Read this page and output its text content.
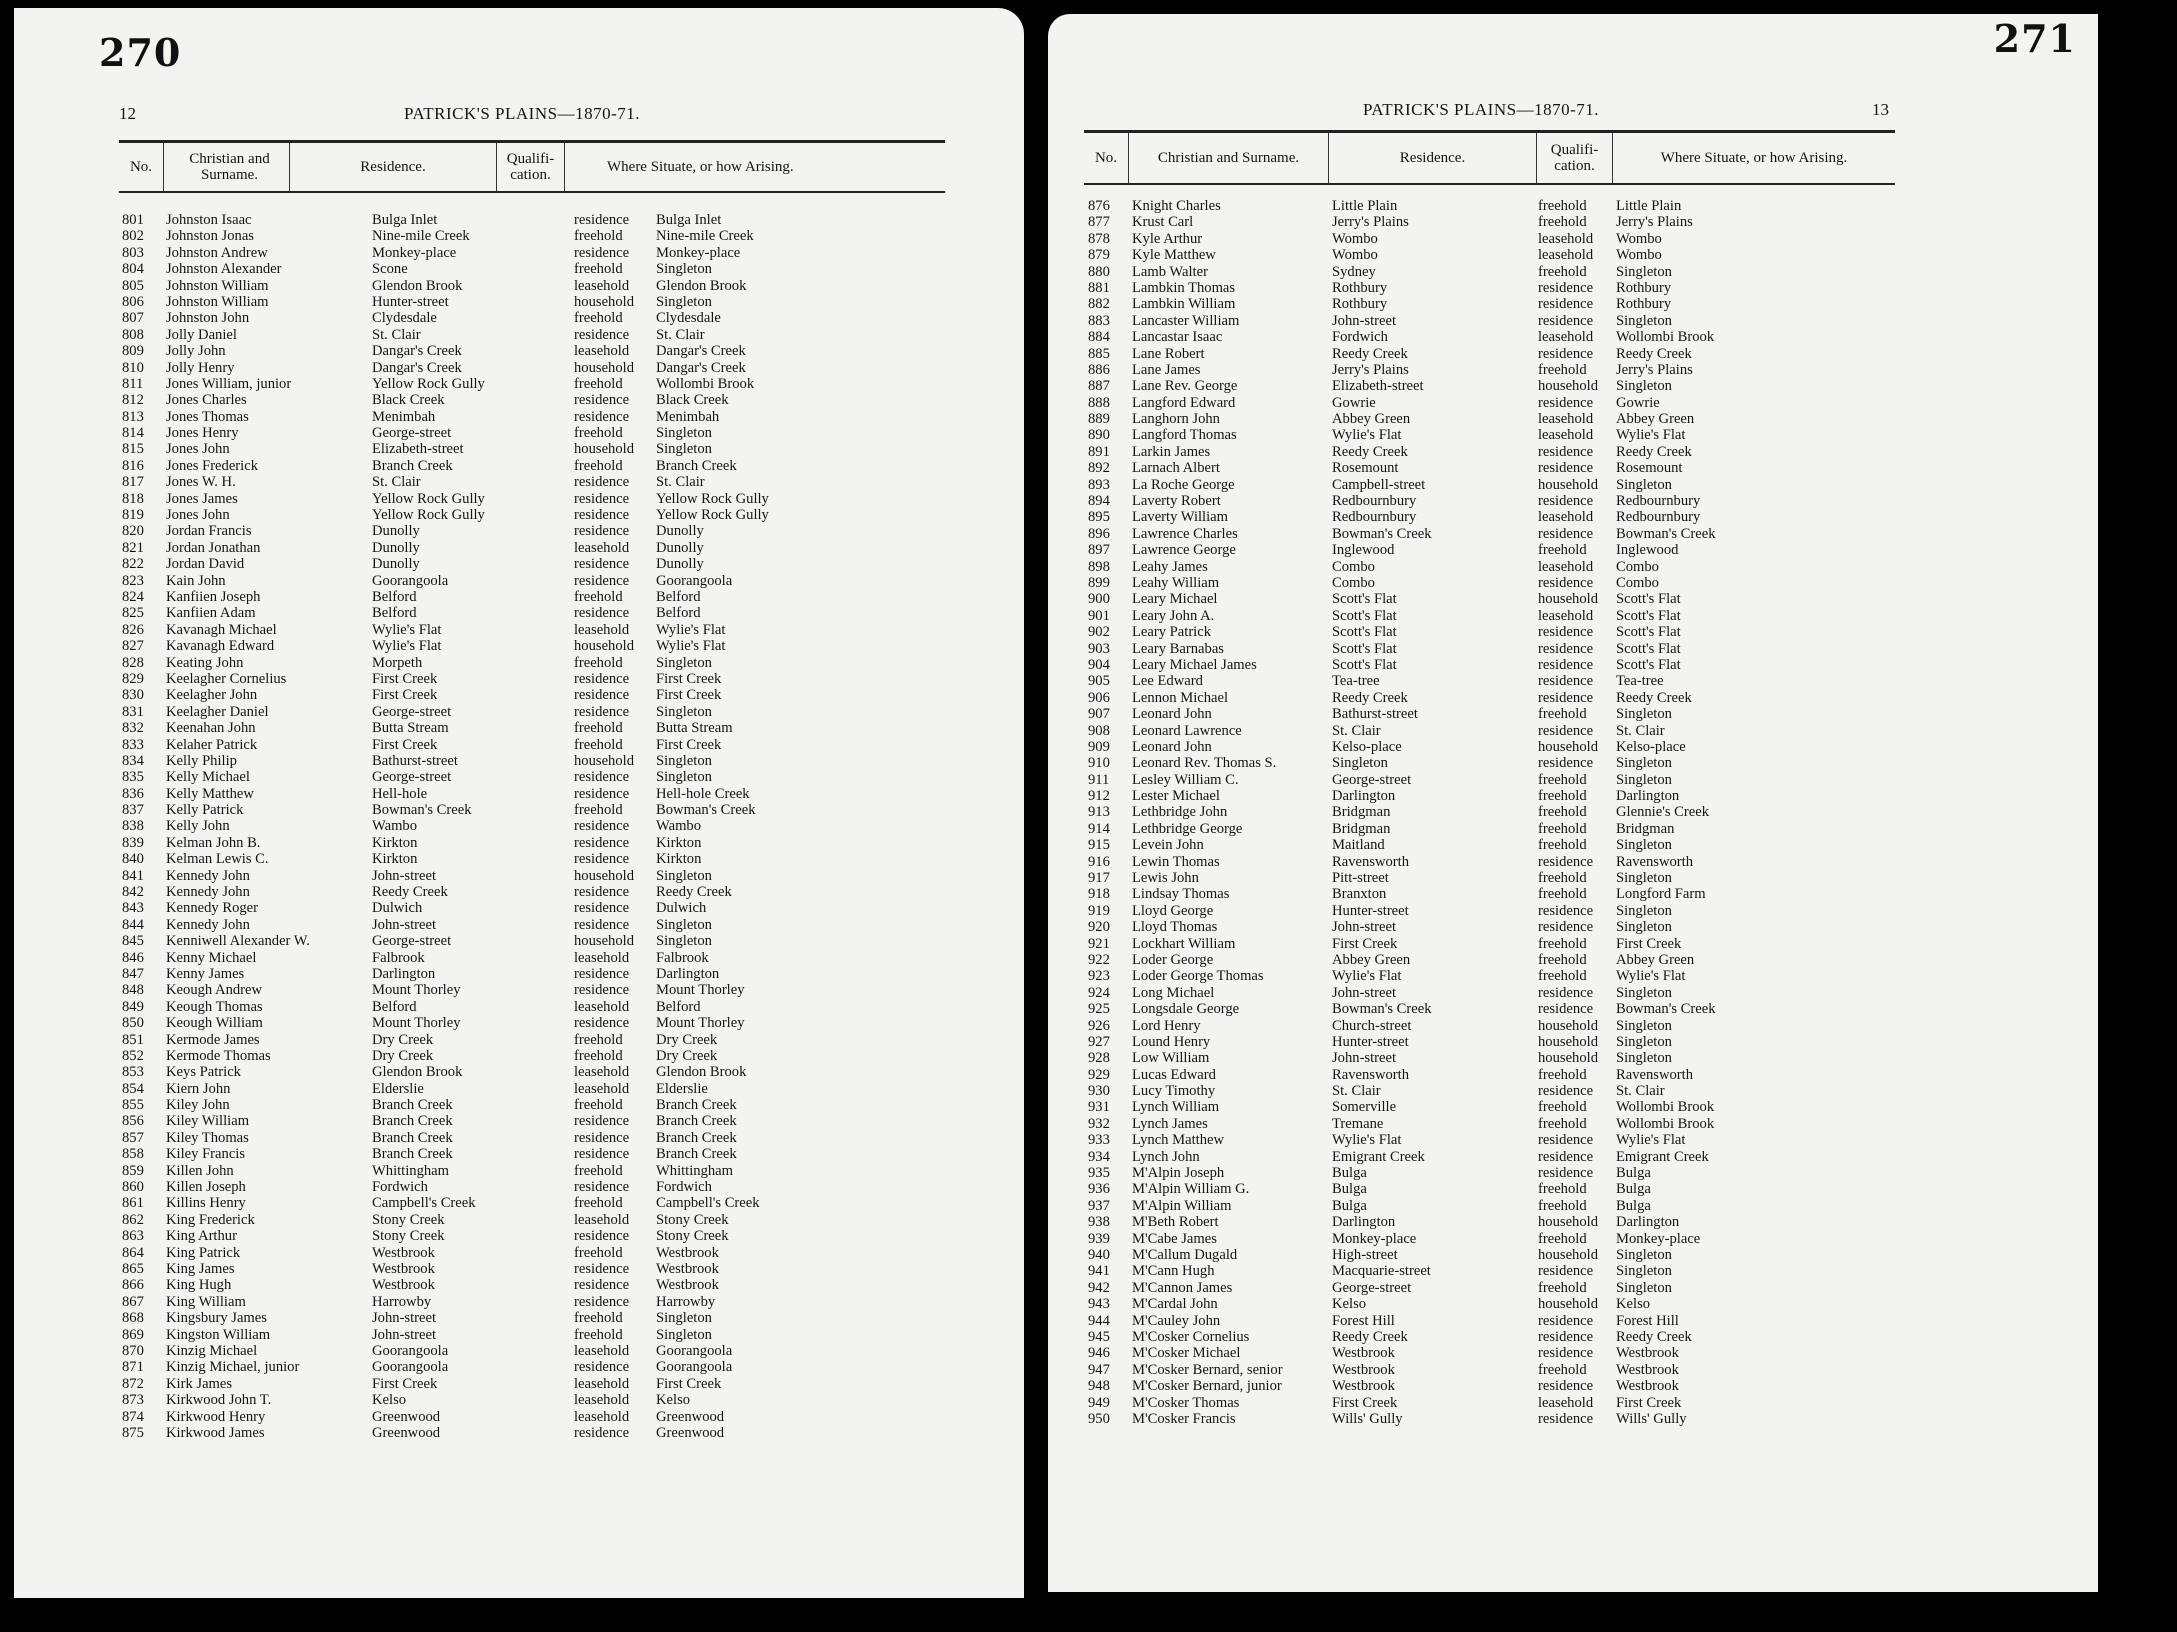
270
12	PATRICK'S PLAINS—1870-71.
No.	Christian and Surname.	Residence.	Qualifi-cation.	Where Situate, or how Arising.
801	Johnston Isaac	Bulga Inlet	residence	Bulga Inlet
802	Johnston Jonas	Nine-mile Creek	freehold	Nine-mile Creek
803	Johnston Andrew	Monkey-place	residence	Monkey-place
804	Johnston Alexander	Scone	freehold	Singleton
805	Johnston William	Glendon Brook	leasehold	Glendon Brook
806	Johnston William	Hunter-street	household	Singleton
807	Johnston John	Clydesdale	freehold	Clydesdale
808	Jolly Daniel	St. Clair	residence	St. Clair
809	Jolly John	Dangar's Creek	leasehold	Dangar's Creek
810	Jolly Henry	Dangar's Creek	household	Dangar's Creek
811	Jones William, junior	Yellow Rock Gully	freehold	Wollombi Brook
812	Jones Charles	Black Creek	residence	Black Creek
813	Jones Thomas	Menimbah	residence	Menimbah
814	Jones Henry	George-street	freehold	Singleton
815	Jones John	Elizabeth-street	household	Singleton
816	Jones Frederick	Branch Creek	freehold	Branch Creek
817	Jones W. H.	St. Clair	residence	St. Clair
818	Jones James	Yellow Rock Gully	residence	Yellow Rock Gully
819	Jones John	Yellow Rock Gully	residence	Yellow Rock Gully
820	Jordan Francis	Dunolly	residence	Dunolly
821	Jordan Jonathan	Dunolly	leasehold	Dunolly
822	Jordan David	Dunolly	residence	Dunolly
823	Kain John	Goorangoola	residence	Goorangoola
824	Kanfiien Joseph	Belford	freehold	Belford
825	Kanfiien Adam	Belford	residence	Belford
826	Kavanagh Michael	Wylie's Flat	leasehold	Wylie's Flat
827	Kavanagh Edward	Wylie's Flat	household	Wylie's Flat
828	Keating John	Morpeth	freehold	Singleton
829	Keelagher Cornelius	First Creek	residence	First Creek
830	Keelagher John	First Creek	residence	First Creek
831	Keelagher Daniel	George-street	residence	Singleton
832	Keenahan John	Butta Stream	freehold	Butta Stream
833	Kelaher Patrick	First Creek	freehold	First Creek
834	Kelly Philip	Bathurst-street	household	Singleton
835	Kelly Michael	George-street	residence	Singleton
836	Kelly Matthew	Hell-hole	residence	Hell-hole Creek
837	Kelly Patrick	Bowman's Creek	freehold	Bowman's Creek
838	Kelly John	Wambo	residence	Wambo
839	Kelman John B.	Kirkton	residence	Kirkton
840	Kelman Lewis C.	Kirkton	residence	Kirkton
841	Kennedy John	John-street	household	Singleton
842	Kennedy John	Reedy Creek	residence	Reedy Creek
843	Kennedy Roger	Dulwich	residence	Dulwich
844	Kennedy John	John-street	residence	Singleton
845	Kenniwell Alexander W.	George-street	household	Singleton
846	Kenny Michael	Falbrook	leasehold	Falbrook
847	Kenny James	Darlington	residence	Darlington
848	Keough Andrew	Mount Thorley	residence	Mount Thorley
849	Keough Thomas	Belford	leasehold	Belford
850	Keough William	Mount Thorley	residence	Mount Thorley
851	Kermode James	Dry Creek	freehold	Dry Creek
852	Kermode Thomas	Dry Creek	freehold	Dry Creek
853	Keys Patrick	Glendon Brook	leasehold	Glendon Brook
854	Kiern John	Elderslie	leasehold	Elderslie
855	Kiley John	Branch Creek	freehold	Branch Creek
856	Kiley William	Branch Creek	residence	Branch Creek
857	Kiley Thomas	Branch Creek	residence	Branch Creek
858	Kiley Francis	Branch Creek	residence	Branch Creek
859	Killen John	Whittingham	freehold	Whittingham
860	Killen Joseph	Fordwich	residence	Fordwich
861	Killins Henry	Campbell's Creek	freehold	Campbell's Creek
862	King Frederick	Stony Creek	leasehold	Stony Creek
863	King Arthur	Stony Creek	residence	Stony Creek
864	King Patrick	Westbrook	freehold	Westbrook
865	King James	Westbrook	residence	Westbrook
866	King Hugh	Westbrook	residence	Westbrook
867	King William	Harrowby	residence	Harrowby
868	Kingsbury James	John-street	freehold	Singleton
869	Kingston William	John-street	freehold	Singleton
870	Kinzig Michael	Goorangoola	leasehold	Goorangoola
871	Kinzig Michael, junior	Goorangoola	residence	Goorangoola
872	Kirk James	First Creek	leasehold	First Creek
873	Kirkwood John T.	Kelso	leasehold	Kelso
874	Kirkwood Henry	Greenwood	leasehold	Greenwood
875	Kirkwood James	Greenwood	residence	Greenwood
271
13
PATRICK'S PLAINS—1870-71.
No.	Christian and Surname.	Residence.	Qualifi-cation.	Where Situate, or how Arising.
876	Knight Charles	Little Plain	freehold	Little Plain
877	Krust Carl	Jerry's Plains	freehold	Jerry's Plains
878	Kyle Arthur	Wombo	leasehold	Wombo
879	Kyle Matthew	Wombo	leasehold	Wombo
880	Lamb Walter	Sydney	freehold	Singleton
881	Lambkin Thomas	Rothbury	residence	Rothbury
882	Lambkin William	Rothbury	residence	Rothbury
883	Lancaster William	John-street	residence	Singleton
884	Lancastar Isaac	Fordwich	leasehold	Wollombi Brook
885	Lane Robert	Reedy Creek	residence	Reedy Creek
886	Lane James	Jerry's Plains	freehold	Jerry's Plains
887	Lane Rev. George	Elizabeth-street	household	Singleton
888	Langford Edward	Gowrie	residence	Gowrie
889	Langhorn John	Abbey Green	leasehold	Abbey Green
890	Langford Thomas	Wylie's Flat	leasehold	Wylie's Flat
891	Larkin James	Reedy Creek	residence	Reedy Creek
892	Larnach Albert	Rosemount	residence	Rosemount
893	La Roche George	Campbell-street	household	Singleton
894	Laverty Robert	Redbournbury	residence	Redbournbury
895	Laverty William	Redbournbury	leasehold	Redbournbury
896	Lawrence Charles	Bowman's Creek	residence	Bowman's Creek
897	Lawrence George	Inglewood	freehold	Inglewood
898	Leahy James	Combo	leasehold	Combo
899	Leahy William	Combo	residence	Combo
900	Leary Michael	Scott's Flat	household	Scott's Flat
901	Leary John A.	Scott's Flat	leasehold	Scott's Flat
902	Leary Patrick	Scott's Flat	residence	Scott's Flat
903	Leary Barnabas	Scott's Flat	residence	Scott's Flat
904	Leary Michael James	Scott's Flat	residence	Scott's Flat
905	Lee Edward	Tea-tree	residence	Tea-tree
906	Lennon Michael	Reedy Creek	residence	Reedy Creek
907	Leonard John	Bathurst-street	freehold	Singleton
908	Leonard Lawrence	St. Clair	residence	St. Clair
909	Leonard John	Kelso-place	household	Kelso-place
910	Leonard Rev. Thomas S.	Singleton	residence	Singleton
911	Lesley William C.	George-street	freehold	Singleton
912	Lester Michael	Darlington	freehold	Darlington
913	Lethbridge John	Bridgman	freehold	Glennie's Creek
914	Lethbridge George	Bridgman	freehold	Bridgman
915	Levein John	Maitland	freehold	Singleton
916	Lewin Thomas	Ravensworth	residence	Ravensworth
917	Lewis John	Pitt-street	freehold	Singleton
918	Lindsay Thomas	Branxton	freehold	Longford Farm
919	Lloyd George	Hunter-street	residence	Singleton
920	Lloyd Thomas	John-street	residence	Singleton
921	Lockhart William	First Creek	freehold	First Creek
922	Loder George	Abbey Green	freehold	Abbey Green
923	Loder George Thomas	Wylie's Flat	freehold	Wylie's Flat
924	Long Michael	John-street	residence	Singleton
925	Longsdale George	Bowman's Creek	residence	Bowman's Creek
926	Lord Henry	Church-street	household	Singleton
927	Lound Henry	Hunter-street	household	Singleton
928	Low William	John-street	household	Singleton
929	Lucas Edward	Ravensworth	freehold	Ravensworth
930	Lucy Timothy	St. Clair	residence	St. Clair
931	Lynch William	Somerville	freehold	Wollombi Brook
932	Lynch James	Tremane	freehold	Wollombi Brook
933	Lynch Matthew	Wylie's Flat	residence	Wylie's Flat
934	Lynch John	Emigrant Creek	residence	Emigrant Creek
935	M'Alpin Joseph	Bulga	residence	Bulga
936	M'Alpin William G.	Bulga	freehold	Bulga
937	M'Alpin William	Bulga	freehold	Bulga
938	M'Beth Robert	Darlington	household	Darlington
939	M'Cabe James	Monkey-place	freehold	Monkey-place
940	M'Callum Dugald	High-street	household	Singleton
941	M'Cann Hugh	Macquarie-street	residence	Singleton
942	M'Cannon James	George-street	freehold	Singleton
943	M'Cardal John	Kelso	household	Kelso
944	M'Cauley John	Forest Hill	residence	Forest Hill
945	M'Cosker Cornelius	Reedy Creek	residence	Reedy Creek
946	M'Cosker Michael	Westbrook	residence	Westbrook
947	M'Cosker Bernard, senior	Westbrook	freehold	Westbrook
948	M'Cosker Bernard, junior	Westbrook	residence	Westbrook
949	M'Cosker Thomas	First Creek	leasehold	First Creek
950	M'Cosker Francis	Wills' Gully	residence	Wills' Gully
